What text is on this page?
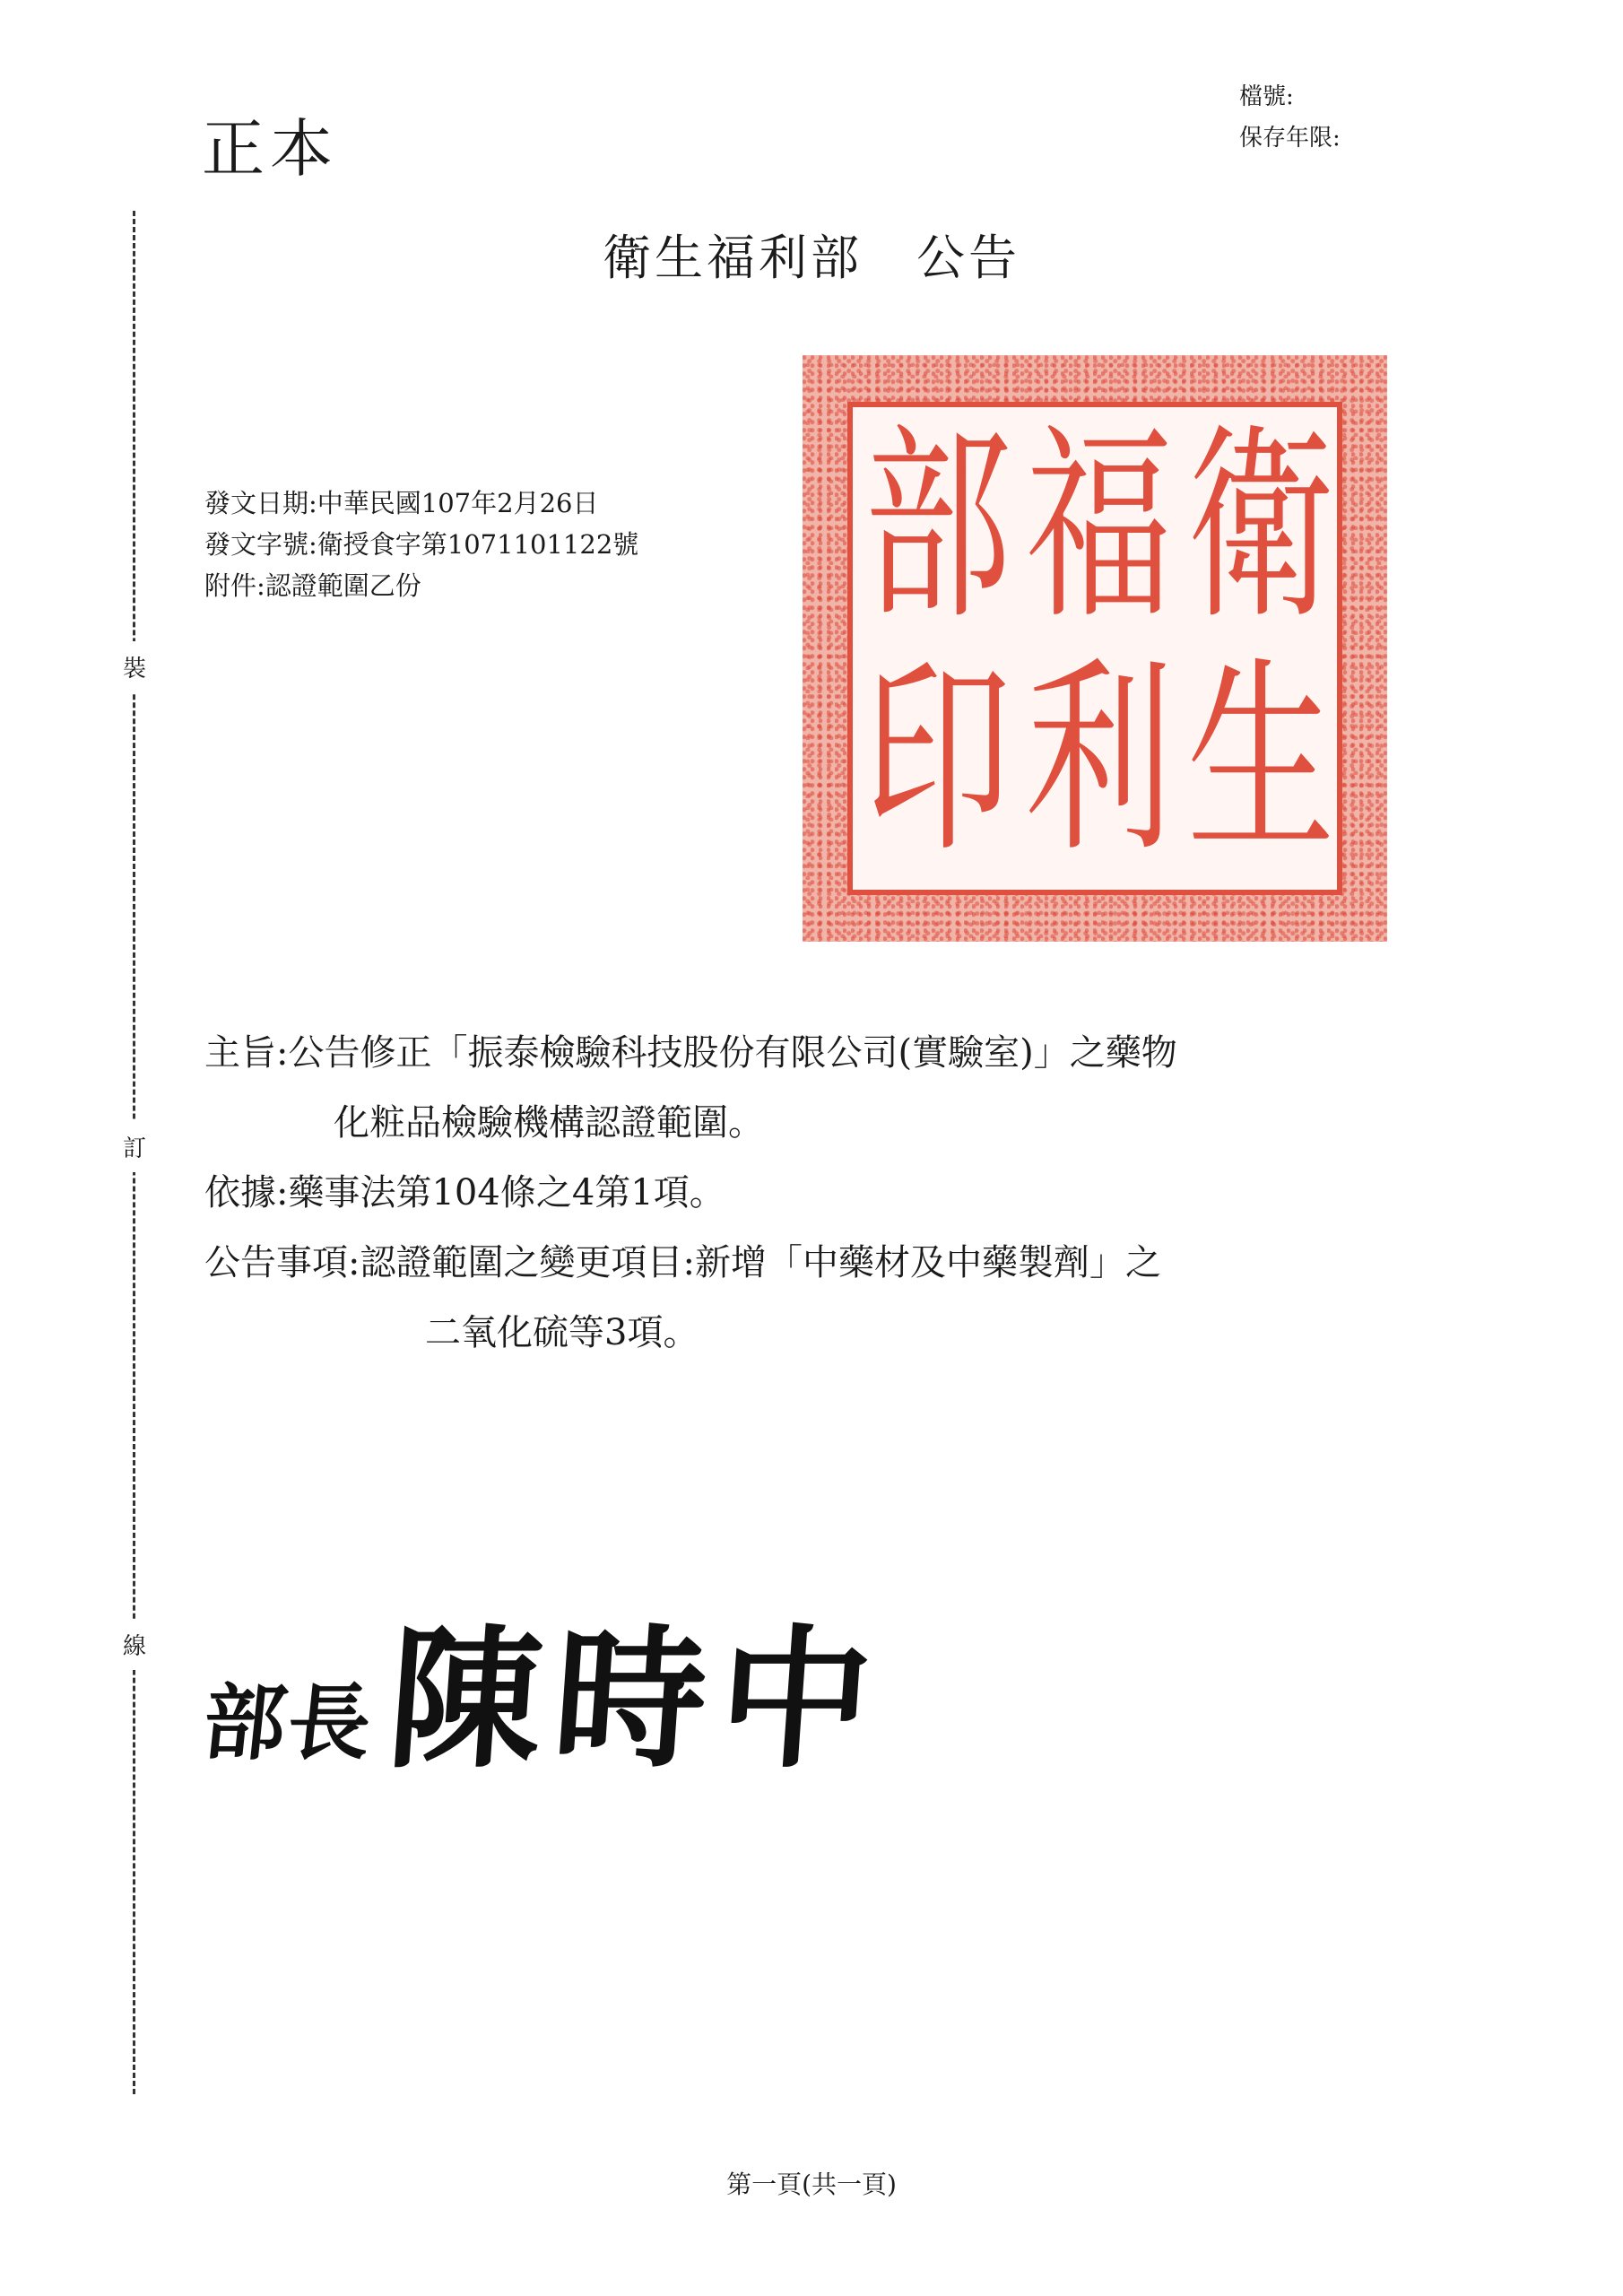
正本
檔號:
保存年限:
裝
訂
線
衛生福利部 公告
發文日期:中華民國107年2月26日
發文字號:衛授食字第1071101122號
附件:認證範圍乙份	衛
生
福
利
部
印
主旨:公告修正「振泰檢驗科技股份有限公司(實驗室)」之藥物
化粧品檢驗機構認證範圍。
依據:藥事法第104條之4第1項。
公告事項:認證範圍之變更項目:新增「中藥材及中藥製劑」之
二氧化硫等3項。
部長 陳時中
第一頁(共一頁)
